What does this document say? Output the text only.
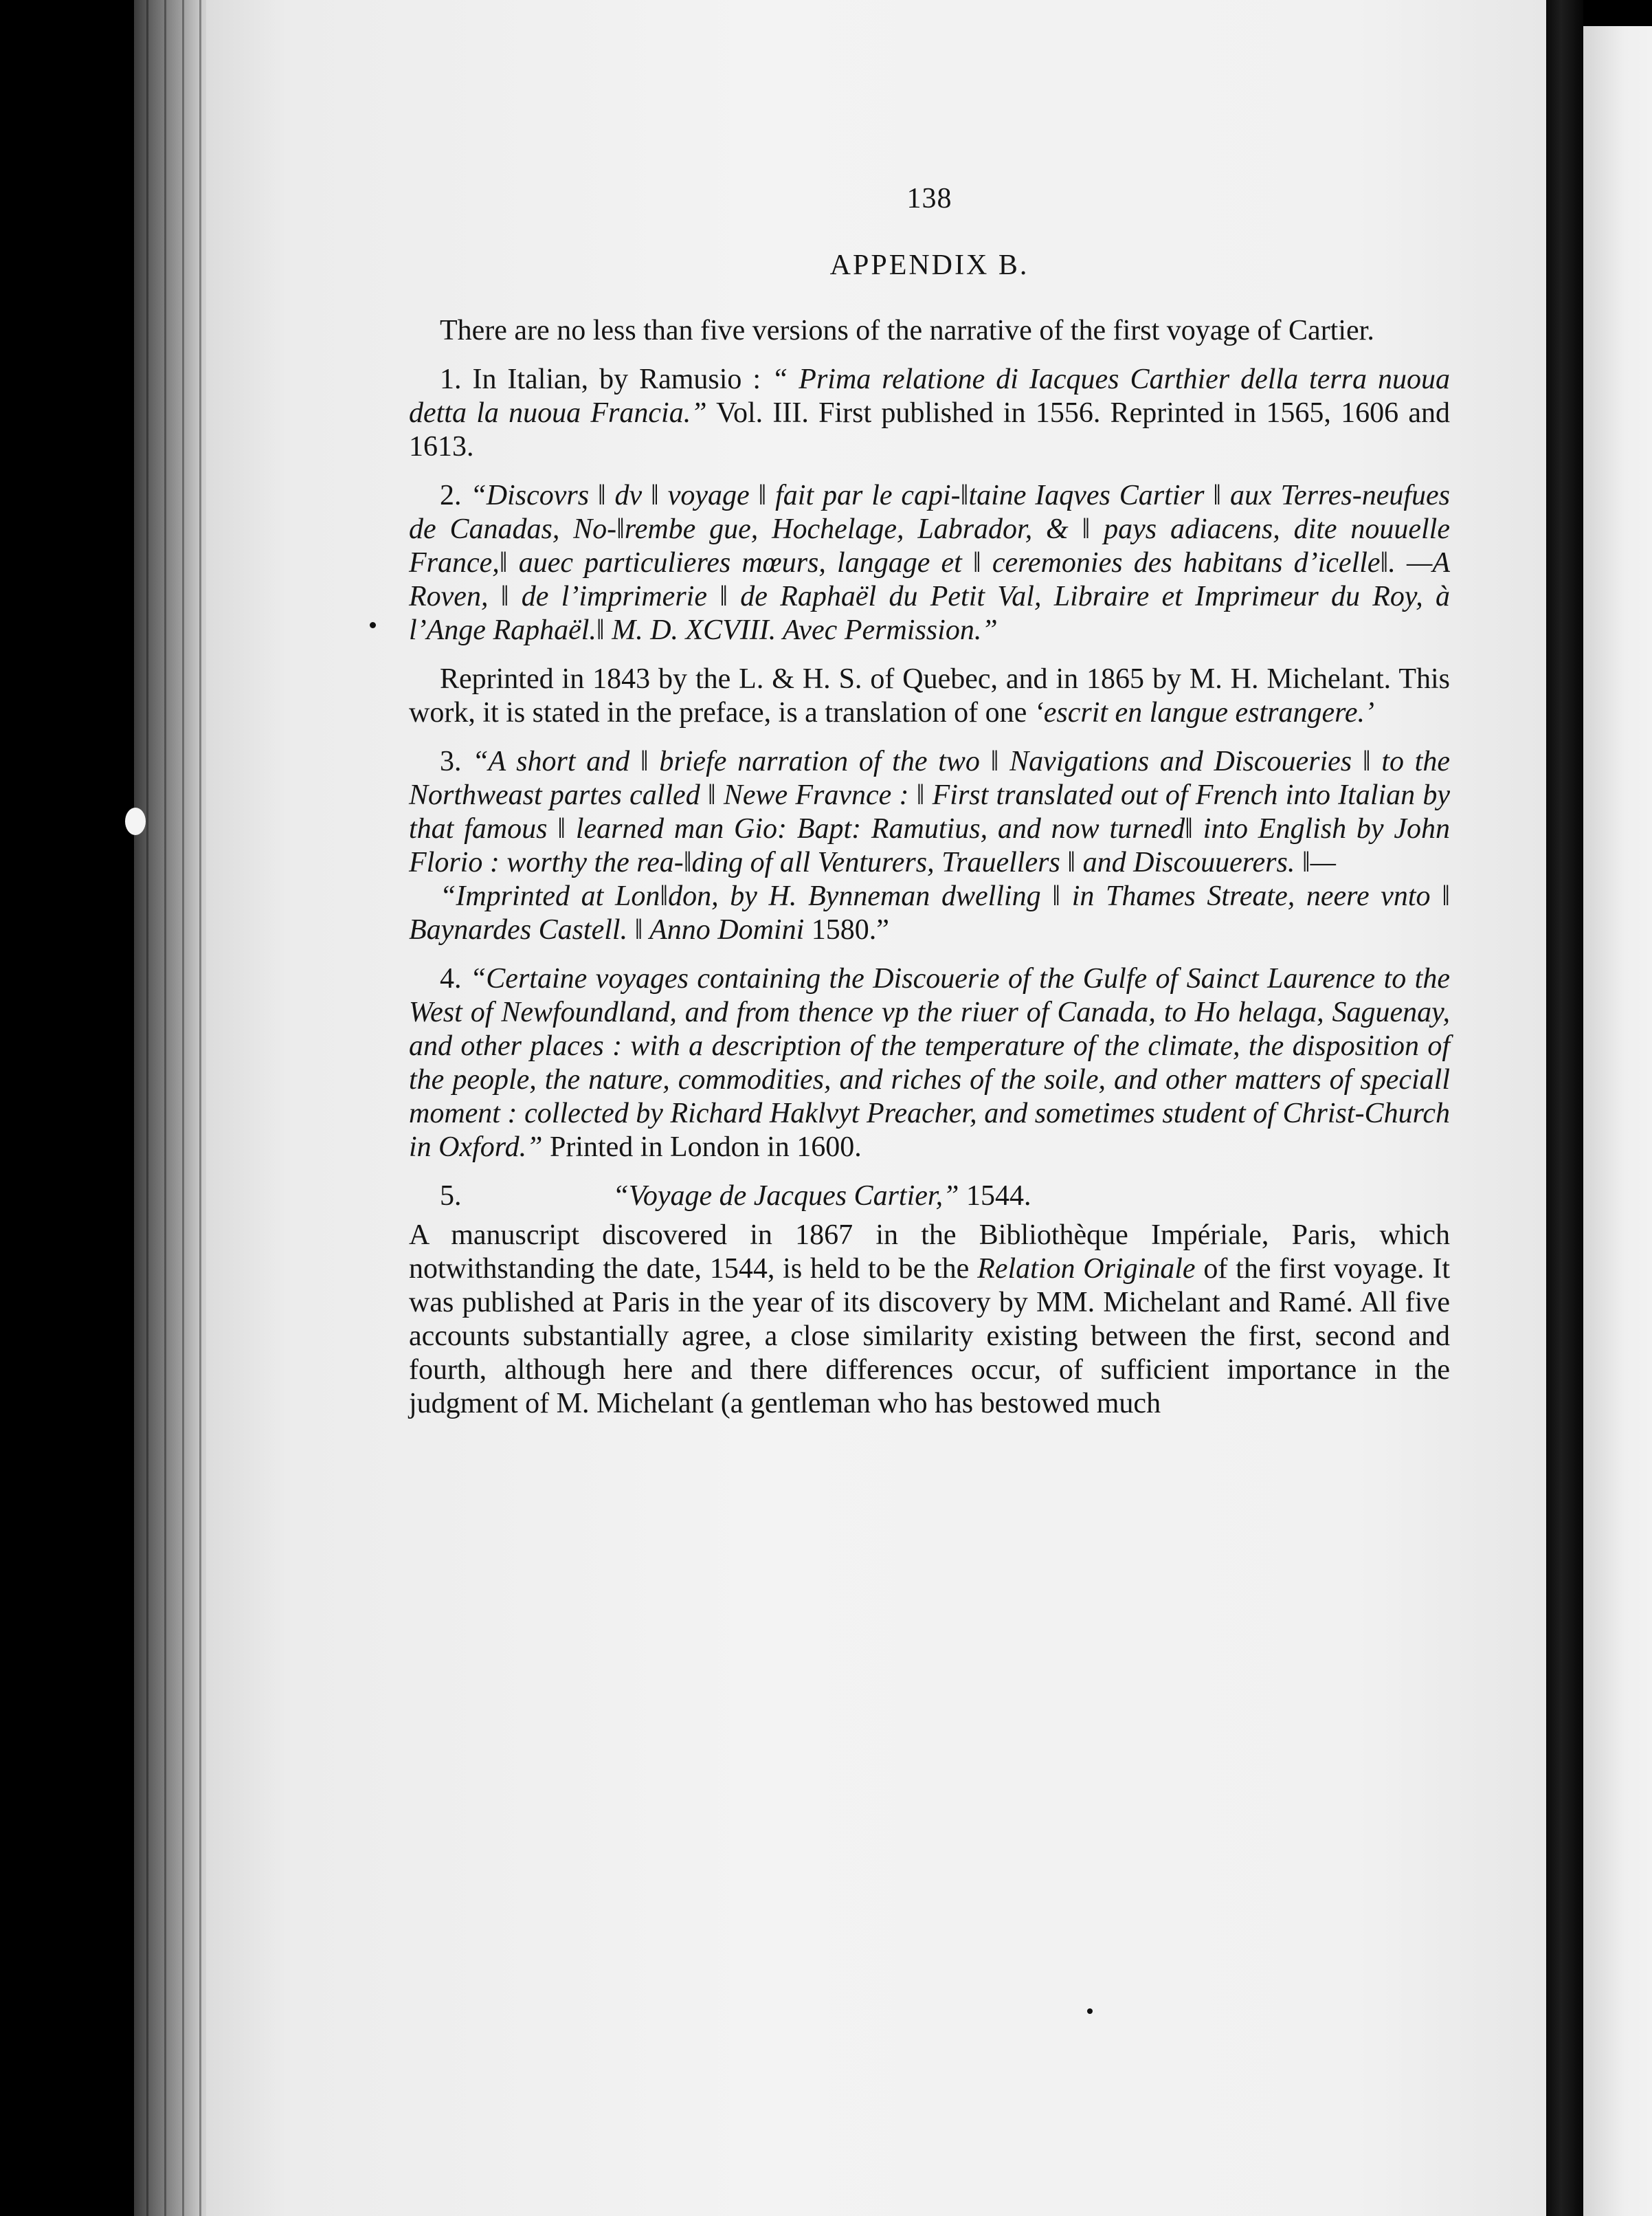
138
APPENDIX B.

There are no less than five versions of the narrative of the first voyage of Cartier.

1. In Italian, by Ramusio : “ Prima relatione di Iacques Carthier della terra nuoua detta la nuoua Francia.” Vol. III. First published in 1556. Reprinted in 1565, 1606 and 1613.

2. “Discovrs ‖ dv ‖ voyage ‖ fait par le capi-‖taine Iaqves Cartier ‖ aux Terres-neufues de Canadas, No-‖rembe gue, Hochelage, Labrador, & ‖ pays adiacens, dite nouuelle France,‖ auec particulieres mœurs, langage et ‖ ceremonies des habitans d’icelle‖. —A Roven, ‖ de l’imprimerie ‖ de Raphaël du Petit Val, Libraire et Imprimeur du Roy, à l’Ange Raphaël.‖ M. D. XCVIII. Avec Permission.”

Reprinted in 1843 by the L. & H. S. of Quebec, and in 1865 by M. H. Michelant. This work, it is stated in the preface, is a translation of one ‘escrit en langue estrangere.’

3. “A short and ‖ briefe narration of the two ‖ Navigations and Discoueries ‖ to the Northweast partes called ‖ Newe Fravnce : ‖ First translated out of French into Italian by that famous ‖ learned man Gio: Bapt: Ramutius, and now turned‖ into English by John Florio : worthy the rea-‖ding of all Venturers, Trauellers ‖ and Discouuerers. ‖—

“Imprinted at Lon‖don, by H. Bynneman dwelling ‖ in Thames Streate, neere vnto ‖ Baynardes Castell. ‖ Anno Domini 1580.”

4. “Certaine voyages containing the Discouerie of the Gulfe of Sainct Laurence to the West of Newfoundland, and from thence vp the riuer of Canada, to Ho helaga, Saguenay, and other places : with a description of the temperature of the climate, the disposition of the people, the nature, commodities, and riches of the soile, and other matters of speciall moment : collected by Richard Haklvyt Preacher, and sometimes student of Christ-Church in Oxford.” Printed in London in 1600.

5.	“Voyage de Jacques Cartier,” 1544.

A manuscript discovered in 1867 in the Bibliothèque Impériale, Paris, which notwithstanding the date, 1544, is held to be the Relation Originale of the first voyage. It was published at Paris in the year of its discovery by MM. Michelant and Ramé. All five accounts substantially agree, a close similarity existing between the first, second and fourth, although here and there differences occur, of sufficient importance in the judgment of M. Michelant (a gentleman who has bestowed much
